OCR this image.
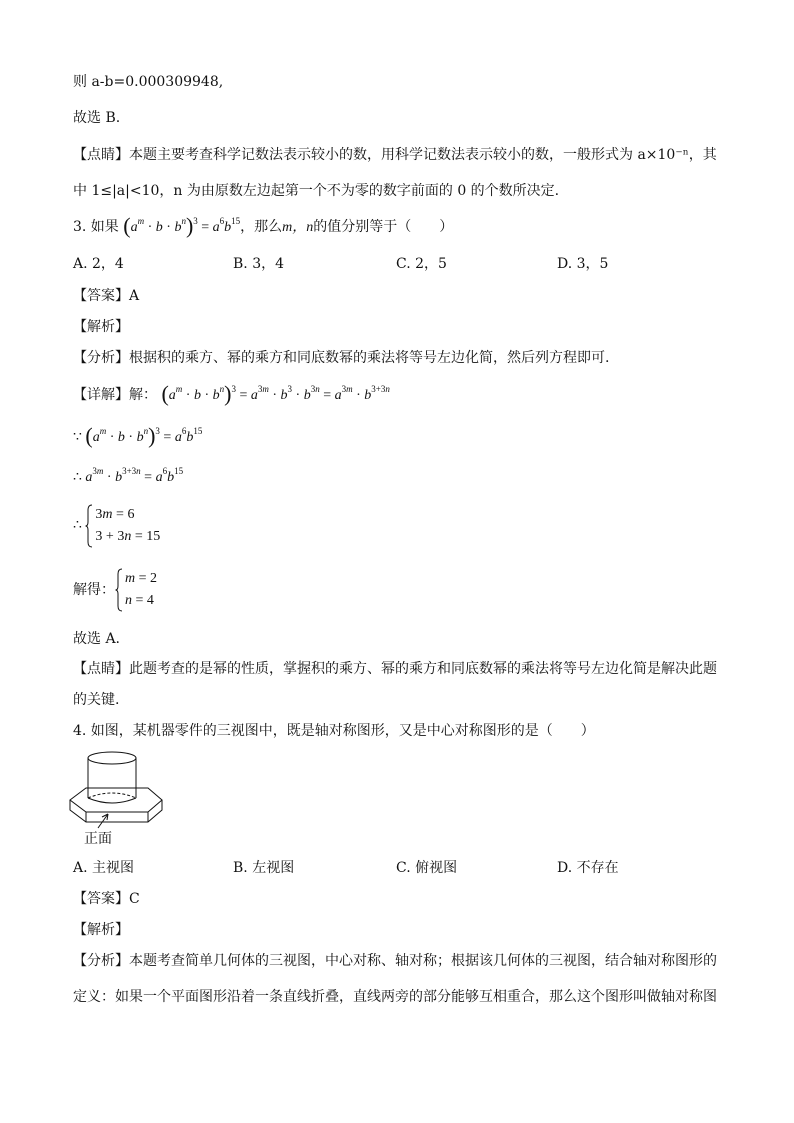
则 a-b=0.000309948,
故选 B.
【点睛】本题主要考查科学记数法表示较小的数，用科学记数法表示较小的数，一般形式为 a×10⁻ⁿ，其
中 1≤|a|<10，n 为由原数左边起第一个不为零的数字前面的 0 的个数所决定.
3. 如果 $(a^m \cdot b \cdot b^n)^3 = a^6b^{15}$，那么m，n的值分别等于（　　）
A. 2，4	B. 3，4	C. 2，5	D. 3，5
【答案】A
【解析】
【分析】根据积的乘方、幂的乘方和同底数幂的乘法将等号左边化简，然后列方程即可.
【详解】解： $(a^m \cdot b \cdot b^n)^3 = a^{3m} \cdot b^3 \cdot b^{3n} = a^{3m} \cdot b^{3+3n}$
∵ $(a^m \cdot b \cdot b^n)^3 = a^6b^{15}$
∴ $a^{3m} \cdot b^{3+3n} = a^6b^{15}$
∴
3m = 6
3 + 3n = 15
解得：
m = 2
n = 4
故选 A.
【点睛】此题考查的是幂的性质，掌握积的乘方、幂的乘方和同底数幂的乘法将等号左边化简是解决此题
的关键.
4. 如图，某机器零件的三视图中，既是轴对称图形，又是中心对称图形的是（　　）
正面
A. 主视图	B. 左视图	C. 俯视图	D. 不存在
【答案】C
【解析】
【分析】本题考查简单几何体的三视图，中心对称、轴对称；根据该几何体的三视图，结合轴对称图形的
定义：如果一个平面图形沿着一条直线折叠，直线两旁的部分能够互相重合，那么这个图形叫做轴对称图
